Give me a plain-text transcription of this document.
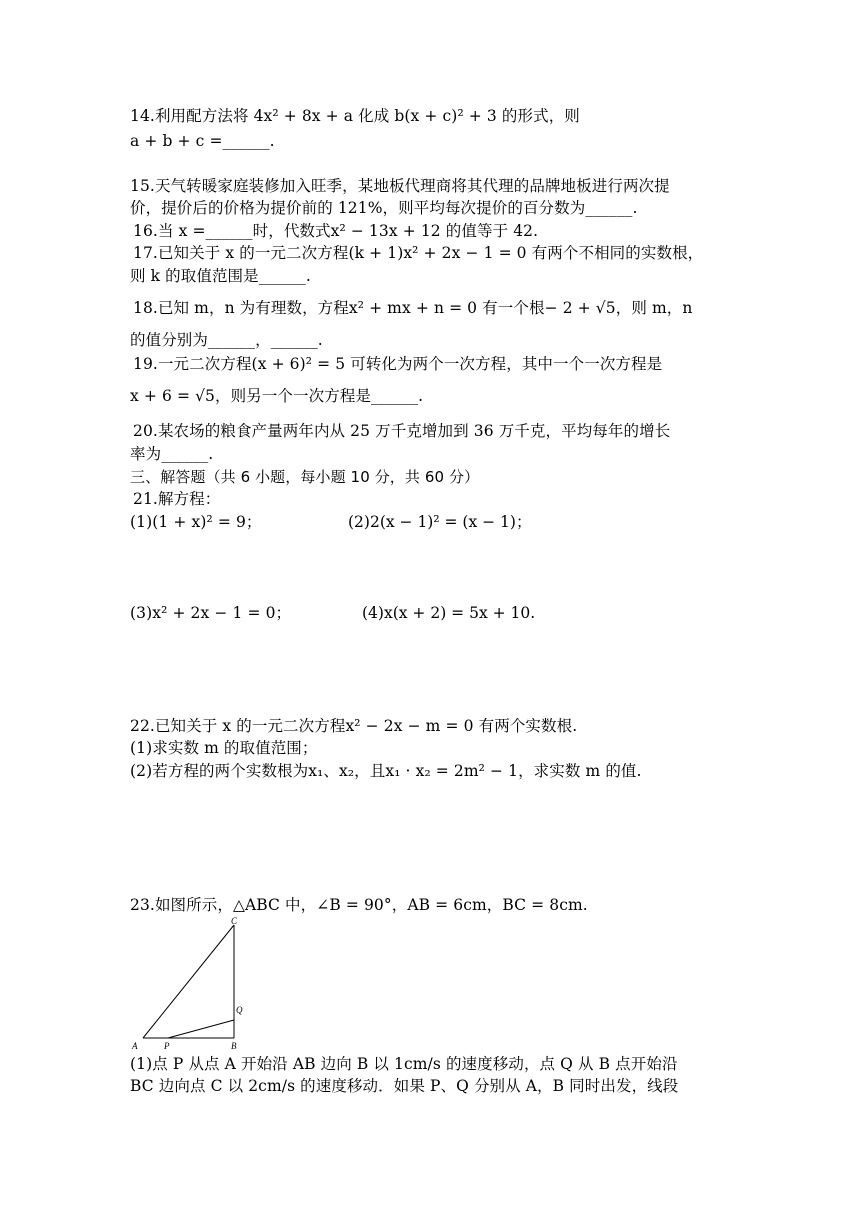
14.利用配方法将 4x² + 8x + a 化成 b(x + c)² + 3 的形式，则
a + b + c =______.
15.天气转暖家庭装修加入旺季，某地板代理商将其代理的品牌地板进行两次提
价，提价后的价格为提价前的 121%，则平均每次提价的百分数为______.
16.当 x =______时，代数式x² − 13x + 12 的值等于 42.
17.已知关于 x 的一元二次方程(k + 1)x² + 2x − 1 = 0 有两个不相同的实数根，
则 k 的取值范围是______.
18.已知 m，n 为有理数，方程x² + mx + n = 0 有一个根− 2 + √5，则 m，n
的值分别为______，______.
19.一元二次方程(x + 6)² = 5 可转化为两个一次方程，其中一个一次方程是
x + 6 = √5，则另一个一次方程是______.
20.某农场的粮食产量两年内从 25 万千克增加到 36 万千克，平均每年的增长
率为______.
三、解答题（共 6 小题，每小题 10 分，共 60 分）
21.解方程：
(1)(1 + x)² = 9；	(2)2(x − 1)² = (x − 1)；
(3)x² + 2x − 1 = 0；	(4)x(x + 2) = 5x + 10.
22.已知关于 x 的一元二次方程x² − 2x − m = 0 有两个实数根.
(1)求实数 m 的取值范围；
(2)若方程的两个实数根为x₁、x₂，且x₁ · x₂ = 2m² − 1，求实数 m 的值.
23.如图所示，△ABC 中，∠B = 90°，AB = 6cm，BC = 8cm.
C
Q
A	P	B
(1)点 P 从点 A 开始沿 AB 边向 B 以 1cm/s 的速度移动，点 Q 从 B 点开始沿
BC 边向点 C 以 2cm/s 的速度移动．如果 P、Q 分别从 A，B 同时出发，线段
